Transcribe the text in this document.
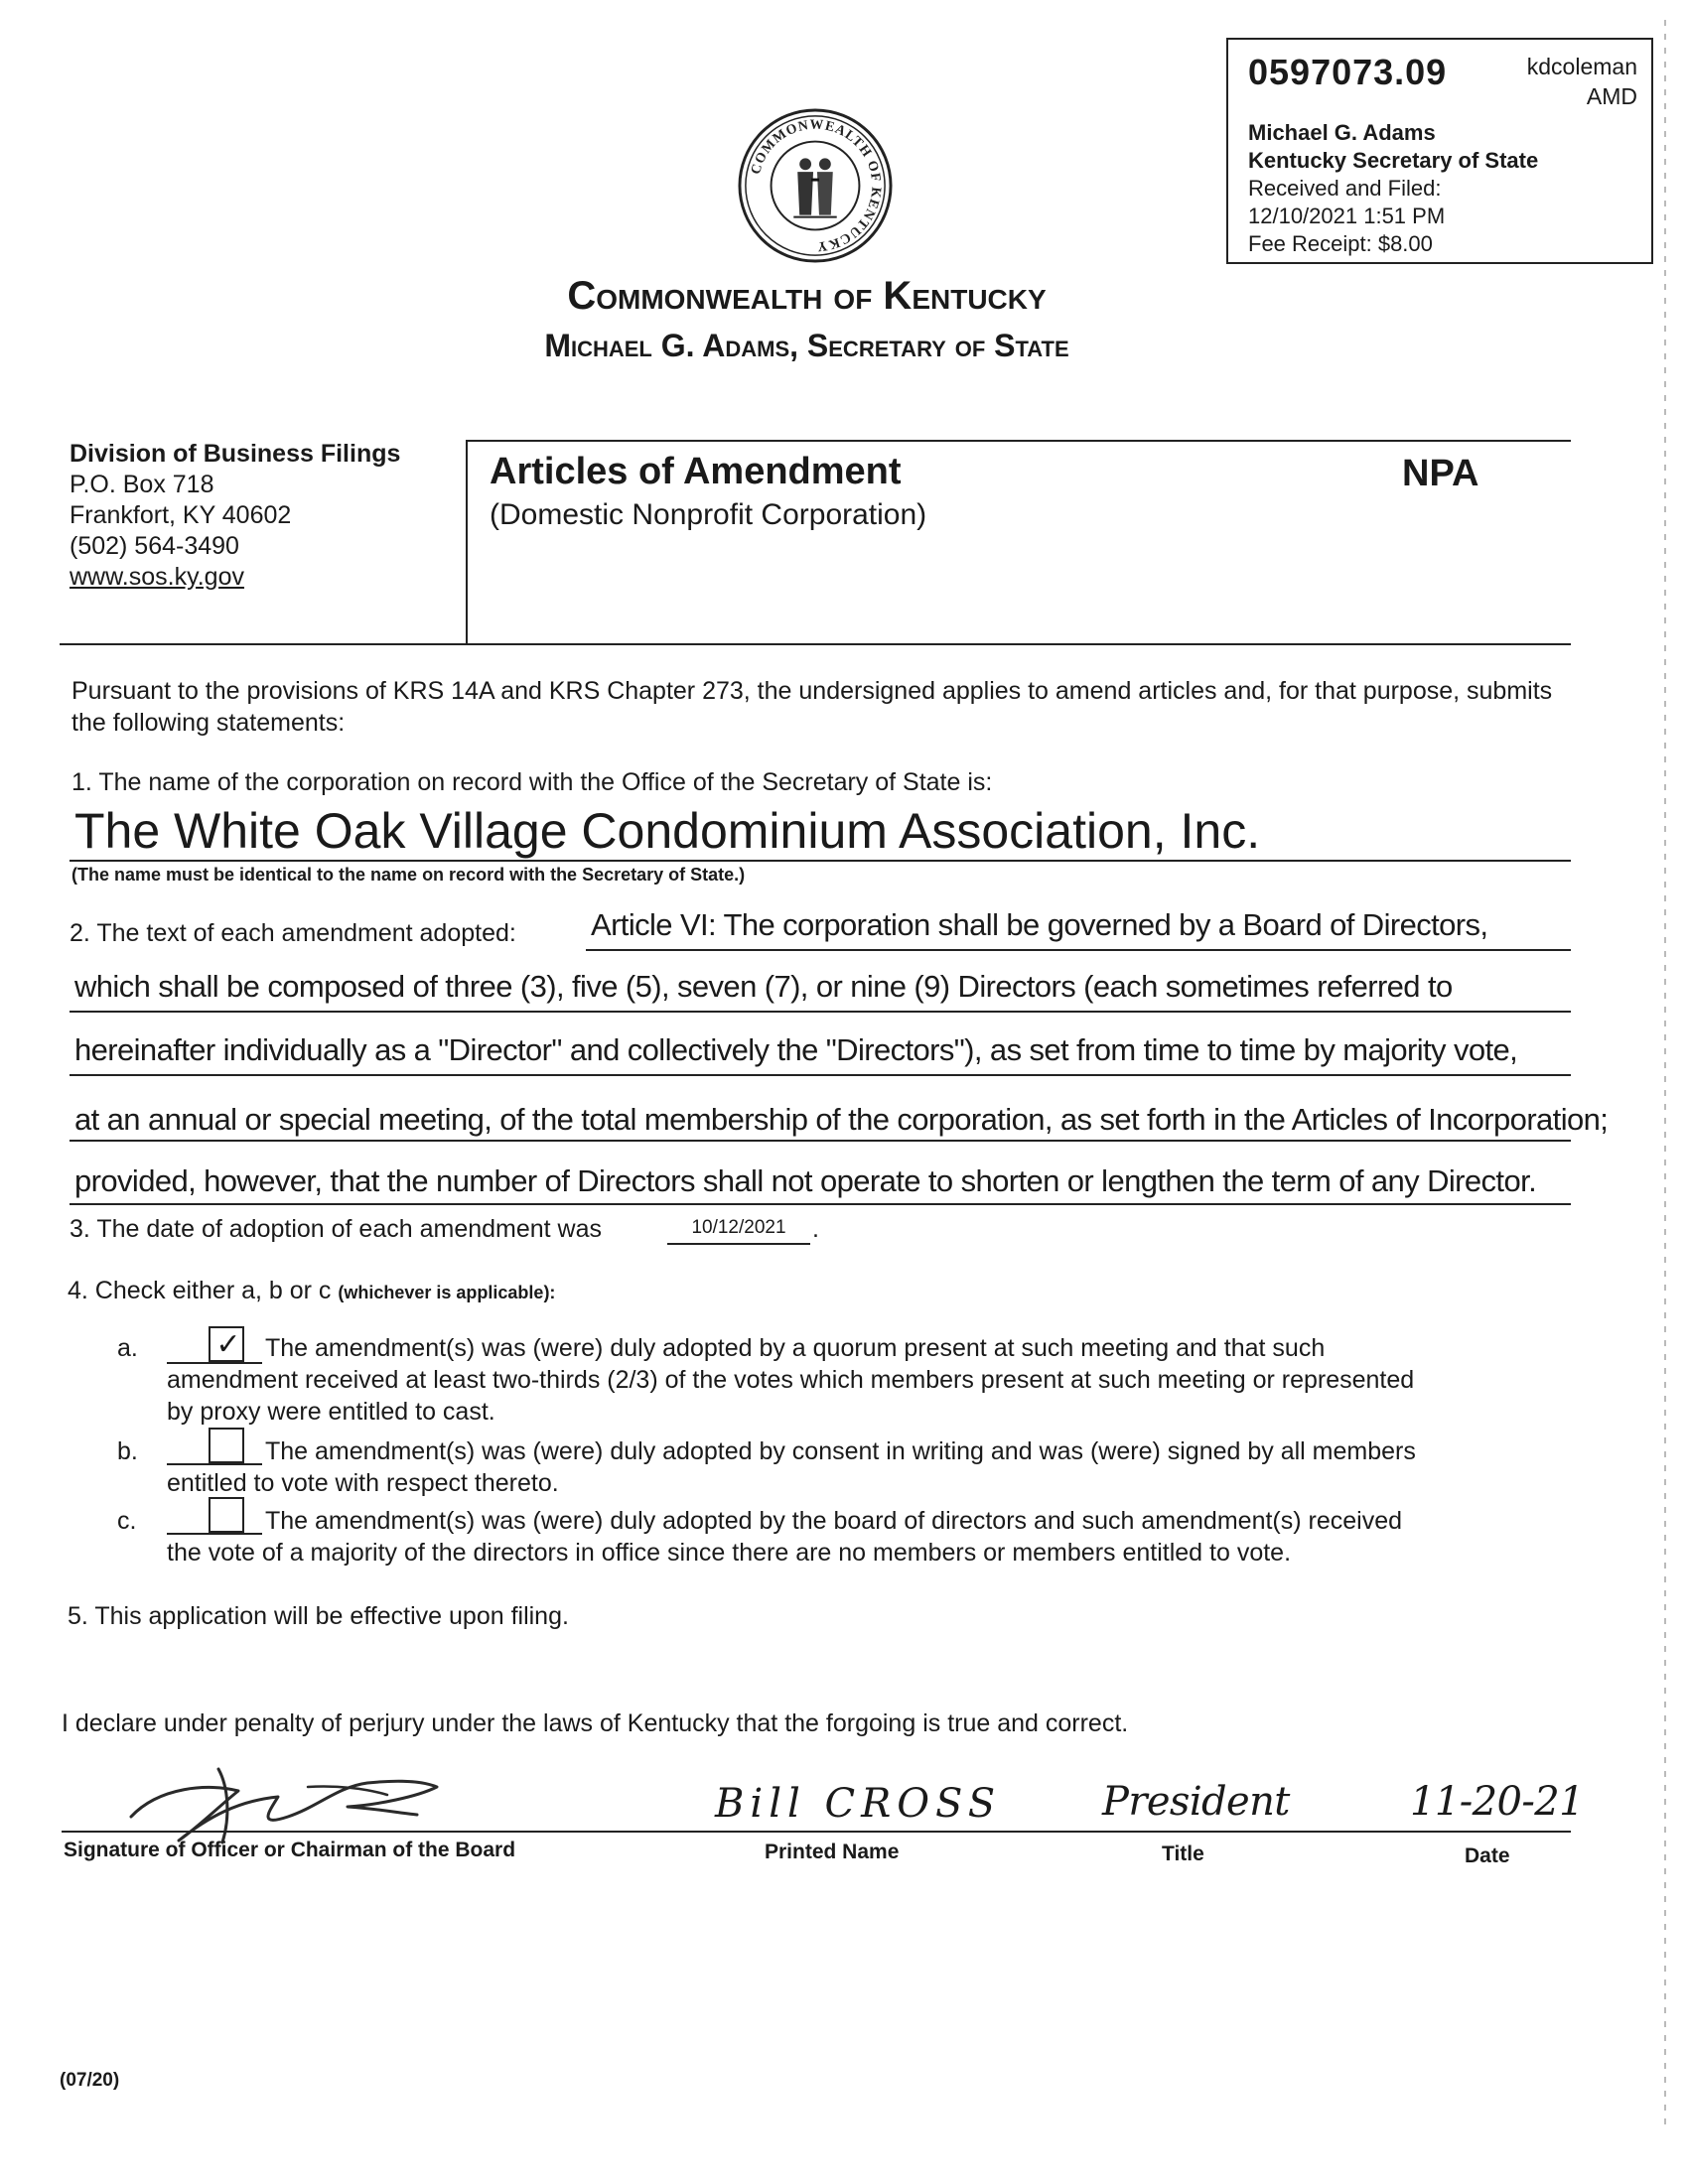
0597073.09	kdcoleman
AMD
Michael G. Adams
Kentucky Secretary of State
Received and Filed:
12/10/2021 1:51 PM
Fee Receipt: $8.00
COMMONWEALTH OF KENTUCKY
Commonwealth of Kentucky
Michael G. Adams, Secretary of State
Division of Business Filings
P.O. Box 718
Frankfort, KY 40602
(502) 564-3490
www.sos.ky.gov
Articles of Amendment
(Domestic Nonprofit Corporation)
NPA
Pursuant to the provisions of KRS 14A and KRS Chapter 273, the undersigned applies to amend articles and, for that purpose, submits the following statements:
1. The name of the corporation on record with the Office of the Secretary of State is:
The White Oak Village Condominium Association, Inc.
(The name must be identical to the name on record with the Secretary of State.)
2. The text of each amendment adopted: Article VI: The corporation shall be governed by a Board of Directors,
which shall be composed of three (3), five (5), seven (7), or nine (9) Directors (each sometimes referred to
hereinafter individually as a "Director" and collectively the "Directors"), as set from time to time by majority vote,
at an annual or special meeting, of the total membership of the corporation, as set forth in the Articles of Incorporation;
provided, however, that the number of Directors shall not operate to shorten or lengthen the term of any Director.
3. The date of adoption of each amendment was	10/12/2021	.
4. Check either a, b or c (whichever is applicable):
a.	✓ The amendment(s) was (were) duly adopted by a quorum present at such meeting and that such
amendment received at least two-thirds (2/3) of the votes which members present at such meeting or represented
by proxy were entitled to cast.
b.	The amendment(s) was (were) duly adopted by consent in writing and was (were) signed by all members
entitled to vote with respect thereto.
c.	The amendment(s) was (were) duly adopted by the board of directors and such amendment(s) received
the vote of a majority of the directors in office since there are no members or members entitled to vote.
5. This application will be effective upon filing.
I declare under penalty of perjury under the laws of Kentucky that the forgoing is true and correct.
Bill CROSS	President	11-20-21
Signature of Officer or Chairman of the Board	Printed Name	Title	Date
(07/20)
